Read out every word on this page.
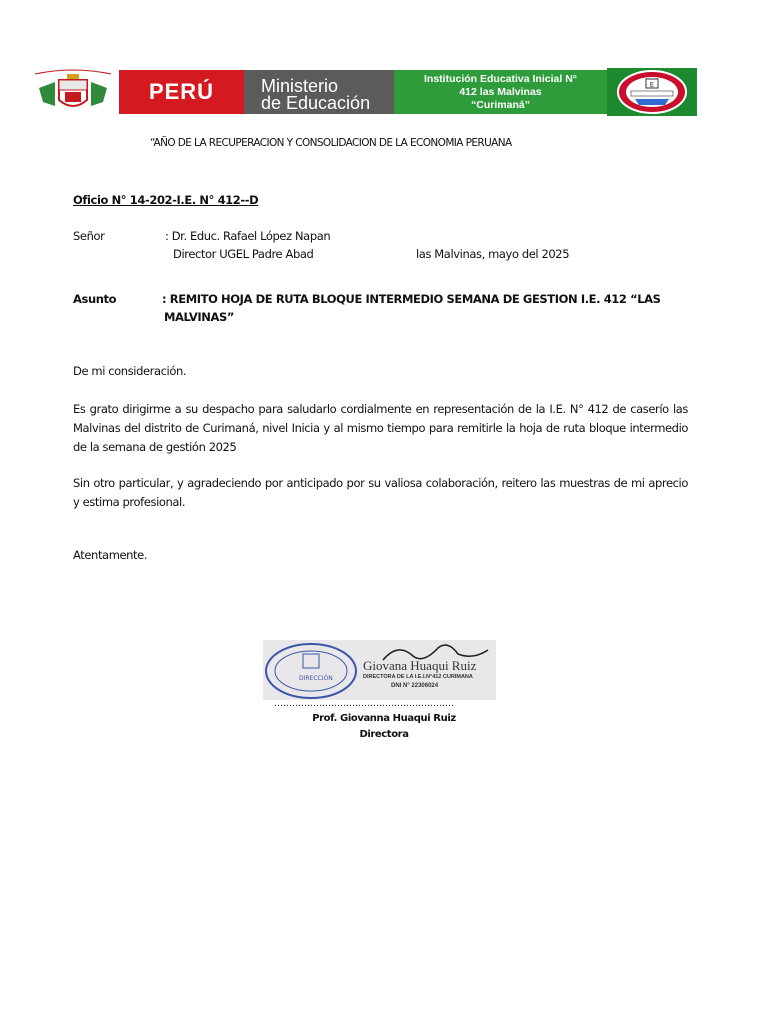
PERÚ	Ministerio
de Educación
Institución Educativa Inicial N°
412 las Malvinas
“Curimaná”
E
“AÑO DE LA RECUPERACION Y CONSOLIDACION DE LA ECONOMIA PERUANA
Oficio N° 14-202-I.E. N° 412--D
Señor	: Dr. Educ. Rafael López Napan
Director UGEL Padre Abad	las Malvinas, mayo del 2025
Asunto	: REMITO HOJA DE RUTA BLOQUE INTERMEDIO SEMANA DE GESTION I.E. 412 “LAS
MALVINAS”
De mi consideración.
Es grato dirigirme a su despacho para saludarlo cordialmente en representación de la I.E. N° 412 de caserío las Malvinas del distrito de Curimaná, nivel Inicia y al mismo tiempo para remitirle la hoja de ruta bloque intermedio de la semana de gestión 2025
Sin otro particular, y agradeciendo por anticipado por su valiosa colaboración, reitero las muestras de mi aprecio y estima profesional.
Atentamente.
DIRECCIÓN
Giovana Huaqui Ruiz
DIRECTORA DE LA I.E.I.N°412 CURIMANA
DNI N° 22306024
……………………………………………………
Prof. Giovanna Huaqui Ruiz
Directora
